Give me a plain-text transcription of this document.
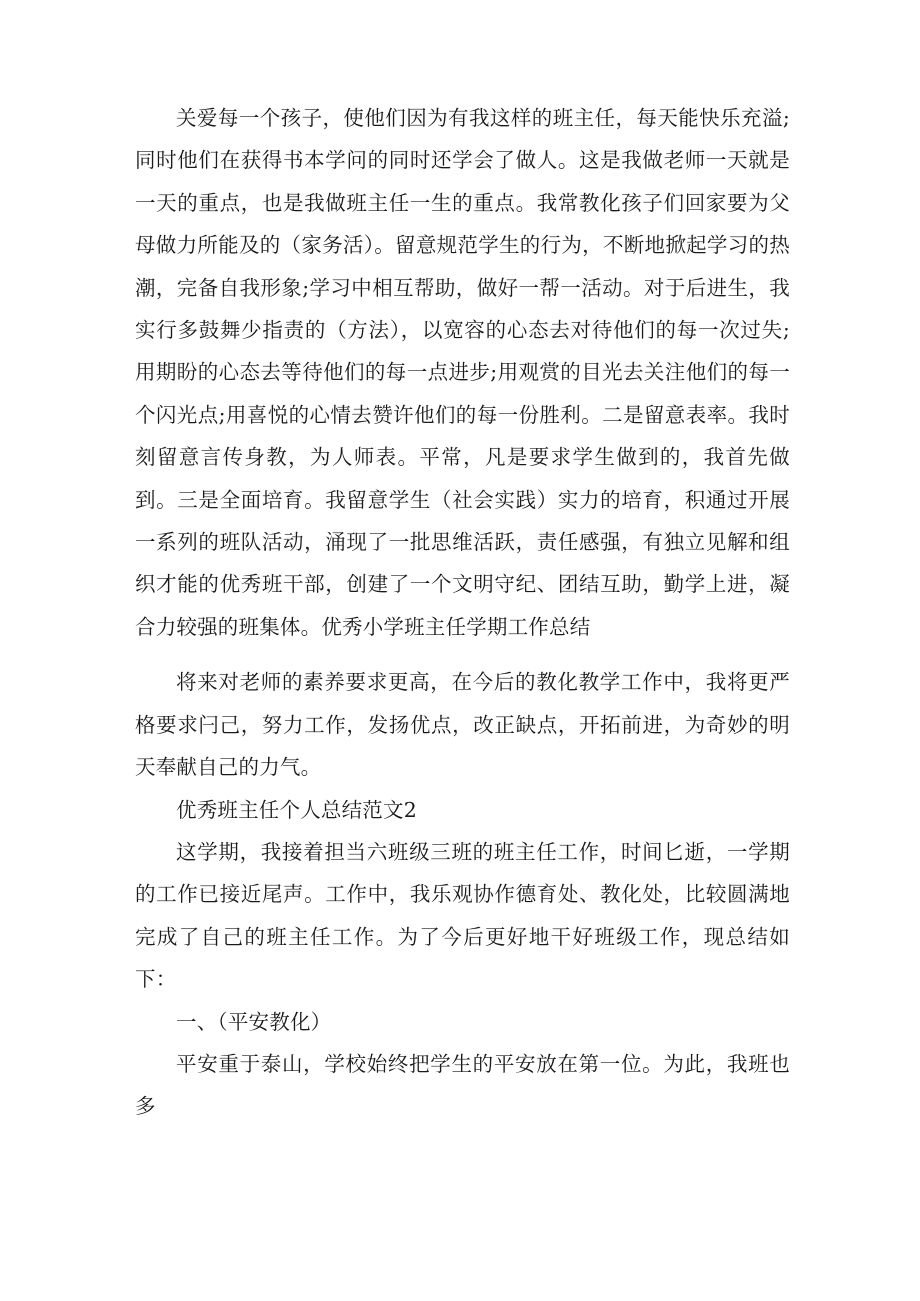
关爱每一个孩子，使他们因为有我这样的班主任，每天能快乐充溢;同时他们在获得书本学问的同时还学会了做人。这是我做老师一天就是一天的重点，也是我做班主任一生的重点。我常教化孩子们回家要为父母做力所能及的（家务活）。留意规范学生的行为，不断地掀起学习的热潮，完备自我形象;学习中相互帮助，做好一帮一活动。对于后进生，我实行多鼓舞少指责的（方法），以宽容的心态去对待他们的每一次过失;用期盼的心态去等待他们的每一点进步;用观赏的目光去关注他们的每一个闪光点;用喜悦的心情去赞许他们的每一份胜利。二是留意表率。我时刻留意言传身教，为人师表。平常，凡是要求学生做到的，我首先做到。三是全面培育。我留意学生（社会实践）实力的培育，积通过开展一系列的班队活动，涌现了一批思维活跃，责任感强，有独立见解和组织才能的优秀班干部，创建了一个文明守纪、团结互助，勤学上进，凝合力较强的班集体。优秀小学班主任学期工作总结

将来对老师的素养要求更高，在今后的教化教学工作中，我将更严格要求闩己，努力工作，发扬优点，改正缺点，开拓前进，为奇妙的明天奉献自己的力气。

优秀班主任个人总结范文2

这学期，我接着担当六班级三班的班主任工作，时间匕逝，一学期的工作已接近尾声。工作中，我乐观协作德育处、教化处，比较圆满地完成了自己的班主任工作。为了今后更好地干好班级工作，现总结如下：

一、（平安教化）

平安重于泰山，学校始终把学生的平安放在第一位。为此，我班也多
